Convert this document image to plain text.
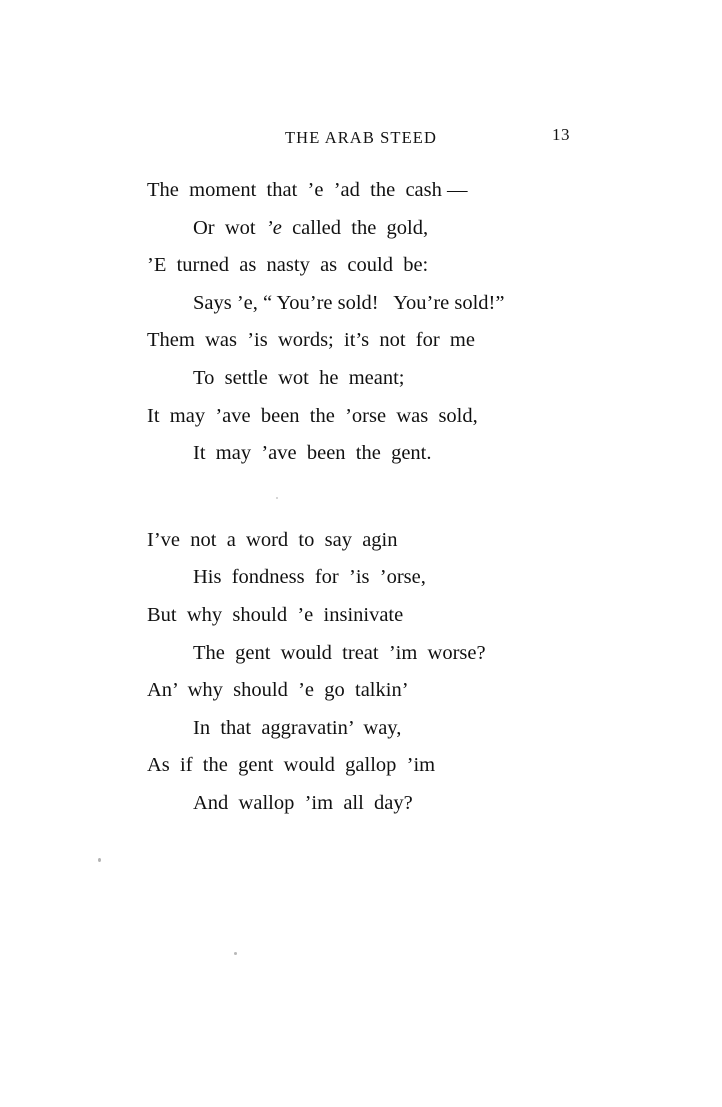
THE ARAB STEED	13
The  moment  that  ’e  ’ad  the  cash —
Or  wot  ’e  called  the  gold,
’E  turned  as  nasty  as  could  be:
Says ’e, “ You’re sold!   You’re sold!”
Them  was  ’is  words;  it’s  not  for  me
To  settle  wot  he  meant;
It  may  ’ave  been  the  ’orse  was  sold,
It  may  ’ave  been  the  gent.
I’ve  not  a  word  to  say  agin
His  fondness  for  ’is  ’orse,
But  why  should  ’e  insinivate
The  gent  would  treat  ’im  worse?
An’  why  should  ’e  go  talkin’
In  that  aggravatin’  way,
As  if  the  gent  would  gallop  ’im
And  wallop  ’im  all  day?
